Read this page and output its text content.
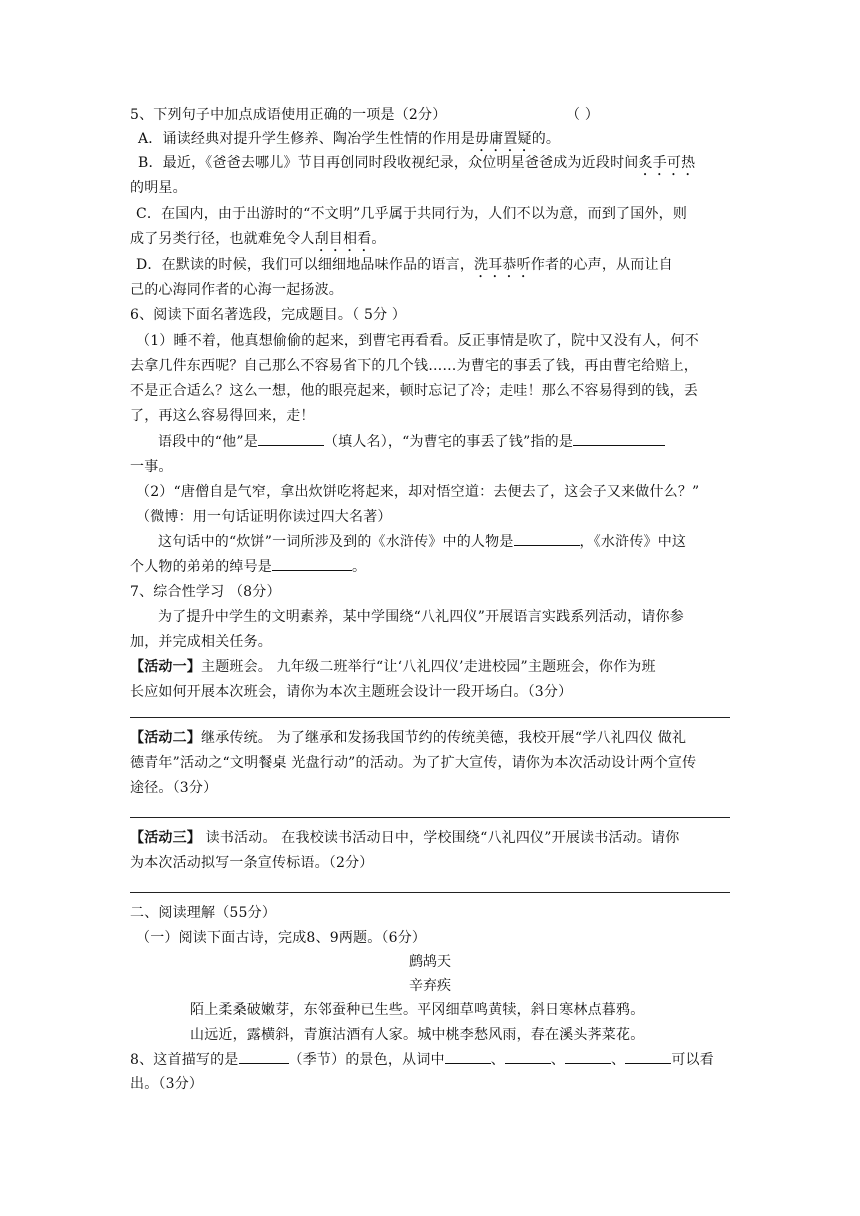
5、下列句子中加点成语使用正确的一项是（2分）	（ ）
A．诵读经典对提升学生修养、陶冶学生性情的作用是毋庸置疑的。
B．最近，《爸爸去哪儿》节目再创同时段收视纪录，众位明星爸爸成为近段时间炙手可热
的明星。
C．在国内，由于出游时的“不文明”几乎属于共同行为，人们不以为意，而到了国外，则
成了另类行径，也就难免令人刮目相看。
D．在默读的时候，我们可以细细地品味作品的语言，洗耳恭听作者的心声，从而让自
己的心海同作者的心海一起扬波。
6、阅读下面名著选段，完成题目。（ 5分 ）
（1）睡不着，他真想偷偷的起来，到曹宅再看看。反正事情是吹了，院中又没有人，何不
去拿几件东西呢？自己那么不容易省下的几个钱……为曹宅的事丢了钱，再由曹宅给赔上，
不是正合适么？这么一想，他的眼亮起来，顿时忘记了冷；走哇！那么不容易得到的钱，丢
了，再这么容易得回来，走！
语段中的“他”是	（填人名），“为曹宅的事丢了钱”指的是
一事。
（2）“唐僧自是气窄，拿出炊饼吃将起来，却对悟空道：去便去了，这会子又来做什么？”
（微博：用一句话证明你读过四大名著）
这句话中的“炊饼”一词所涉及到的《水浒传》中的人物是	，《水浒传》中这
个人物的弟弟的绰号是	。
7、综合性学习 （8分）
为了提升中学生的文明素养，某中学围绕“八礼四仪”开展语言实践系列活动，请你参
加，并完成相关任务。
【活动一】主题班会。 九年级二班举行“让‘八礼四仪’走进校园”主题班会，你作为班
长应如何开展本次班会，请你为本次主题班会设计一段开场白。（3分）
【活动二】继承传统。 为了继承和发扬我国节约的传统美德，我校开展“学八礼四仪 做礼
德青年”活动之“文明餐桌 光盘行动”的活动。为了扩大宣传，请你为本次活动设计两个宣传
途径。（3分）
【活动三】 读书活动。 在我校读书活动日中，学校围绕“八礼四仪”开展读书活动。请你
为本次活动拟写一条宣传标语。（2分）
二、阅读理解（55分）
（一）阅读下面古诗，完成8、9两题。（6分）
鹧鸪天
辛弃疾
陌上柔桑破嫩芽，东邻蚕种已生些。平冈细草鸣黄犊，斜日寒林点暮鸦。
山远近，露横斜，青旗沽酒有人家。城中桃李愁风雨，春在溪头荠菜花。
8、这首描写的是	（季节）的景色，从词中	、	、	、	可以看
出。（3分）
